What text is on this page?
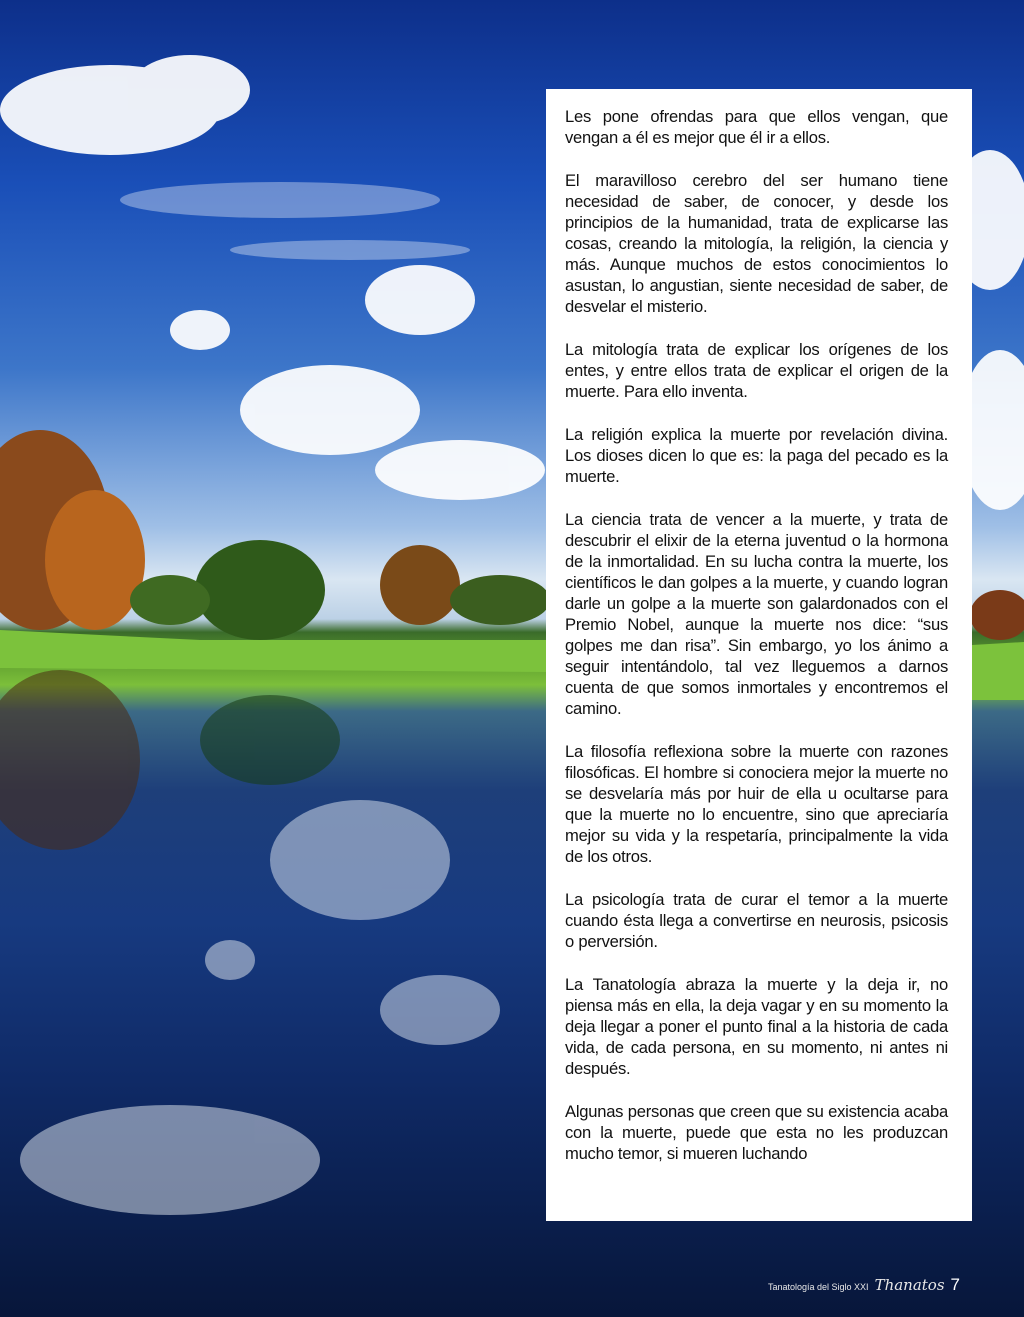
Les pone ofrendas para que ellos vengan, que vengan a él es mejor que él ir a ellos.

El maravilloso cerebro del ser humano tiene necesidad de saber, de conocer, y desde los principios de la humanidad, trata de explicarse las cosas, creando la mitología, la religión, la ciencia y más. Aunque muchos de estos conocimientos lo asustan, lo angustian, siente necesidad de saber, de desvelar el misterio.

La mitología trata de explicar los orígenes de los entes, y entre ellos trata de explicar el origen de la muerte. Para ello inventa.

La religión explica la muerte por revelación divina. Los dioses dicen lo que es: la paga del pecado es la muerte.

La ciencia trata de vencer a la muerte, y trata de descubrir el elixir de la eterna juventud o la hormona de la inmortalidad. En su lucha contra la muerte, los científicos le dan golpes a la muerte, y cuando logran darle un golpe a la muerte son galardonados con el Premio Nobel, aunque la muerte nos dice: “sus golpes me dan risa”. Sin embargo, yo los ánimo a seguir intentándolo, tal vez lleguemos a darnos cuenta de que somos inmortales y encontremos el camino.

La filosofía reflexiona sobre la muerte con razones filosóficas. El hombre si conociera mejor la muerte no se desvelaría más por huir de ella u ocultarse para que la muerte no lo encuentre, sino que apreciaría mejor su vida y la respetaría, principalmente la vida de los otros.

La psicología trata de curar el temor a la muerte cuando ésta llega a convertirse en neurosis, psicosis o perversión.

La Tanatología abraza la muerte y la deja ir, no piensa más en ella, la deja vagar y en su momento la deja llegar a poner el punto final a la historia de cada vida, de cada persona, en su momento, ni antes ni después.

Algunas personas que creen que su existencia acaba con la muerte, puede que esta no les produzcan mucho temor, si mueren luchando

Tanatología del Siglo XXI Thanatos 7
